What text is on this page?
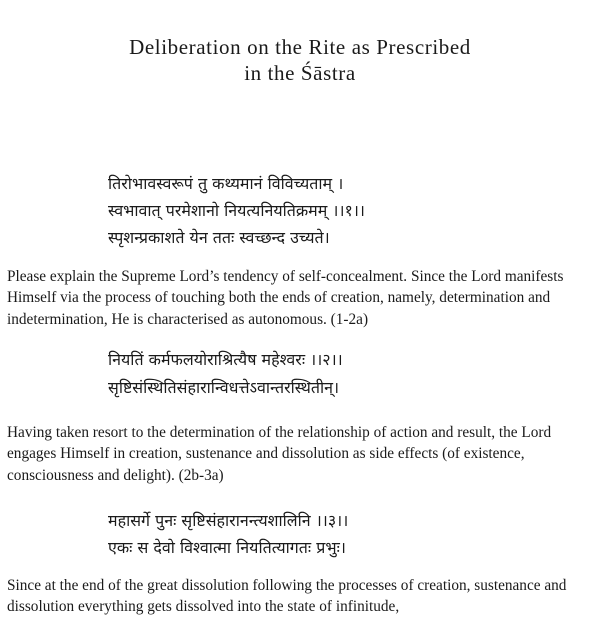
Deliberation on the Rite as Prescribed
in the Śāstra
तिरोभावस्वरूपं तु कथ्यमानं विविच्यताम् ।
स्वभावात् परमेशानो नियत्यनियतिक्रमम् ।।१।।
स्पृशन्प्रकाशते येन ततः स्वच्छन्द उच्यते।

Please explain the Supreme Lord’s tendency of self-concealment. Since the Lord manifests Himself via the process of touching both the ends of creation, namely, determination and indetermination, He is characterised as autonomous. (1-2a)

नियतिं कर्मफलयोराश्रित्यैष महेश्वरः ।।२।।
सृष्टिसंस्थितिसंहारान्विधत्तेऽवान्तरस्थितीन्।

Having taken resort to the determination of the relationship of action and result, the Lord engages Himself in creation, sustenance and dissolution as side effects (of existence, consciousness and delight). (2b-3a)

महासर्गे पुनः सृष्टिसंहारानन्त्यशालिनि ।।३।।
एकः स देवो विश्वात्मा नियतित्यागतः प्रभुः।

Since at the end of the great dissolution following the processes of creation, sustenance and dissolution everything gets dissolved into the state of infinitude,
